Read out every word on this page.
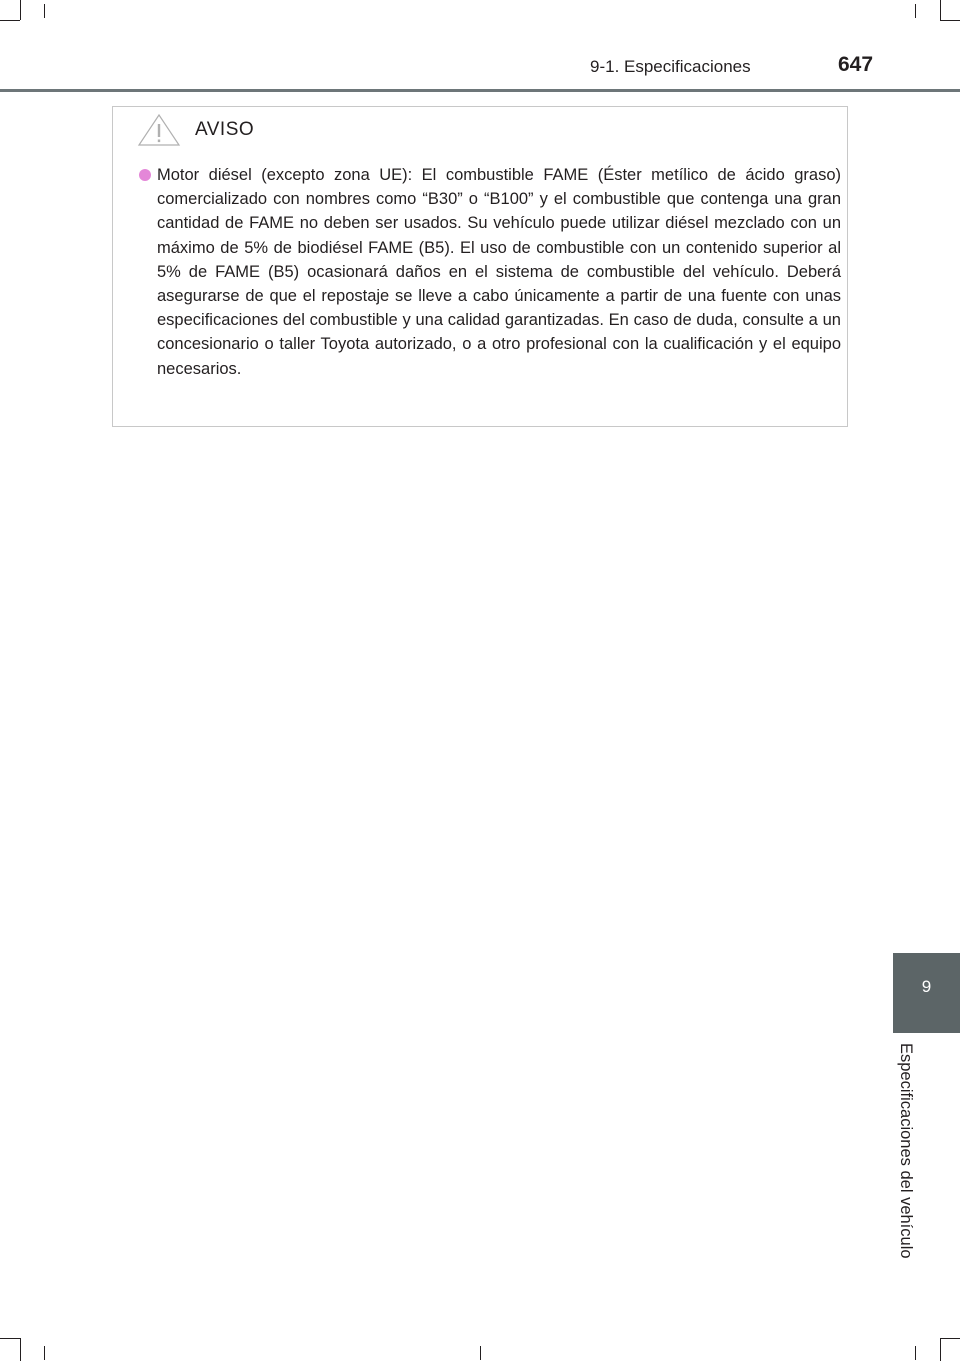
9-1. Especificaciones	647
AVISO

Motor diésel (excepto zona UE): El combustible FAME (Éster metílico de ácido graso) comercializado con nombres como “B30” o “B100” y el combustible que contenga una gran cantidad de FAME no deben ser usados. Su vehículo puede utilizar diésel mezclado con un máximo de 5% de biodiésel FAME (B5). El uso de combustible con un contenido superior al 5% de FAME (B5) ocasionará daños en el sistema de combustible del vehículo. Deberá asegurarse de que el repostaje se lleve a cabo únicamente a partir de una fuente con unas especificaciones del combustible y una calidad garantizadas. En caso de duda, consulte a un concesionario o taller Toyota autorizado, o a otro profesional con la cualificación y el equipo necesarios.

9
Especificaciones del vehículo
